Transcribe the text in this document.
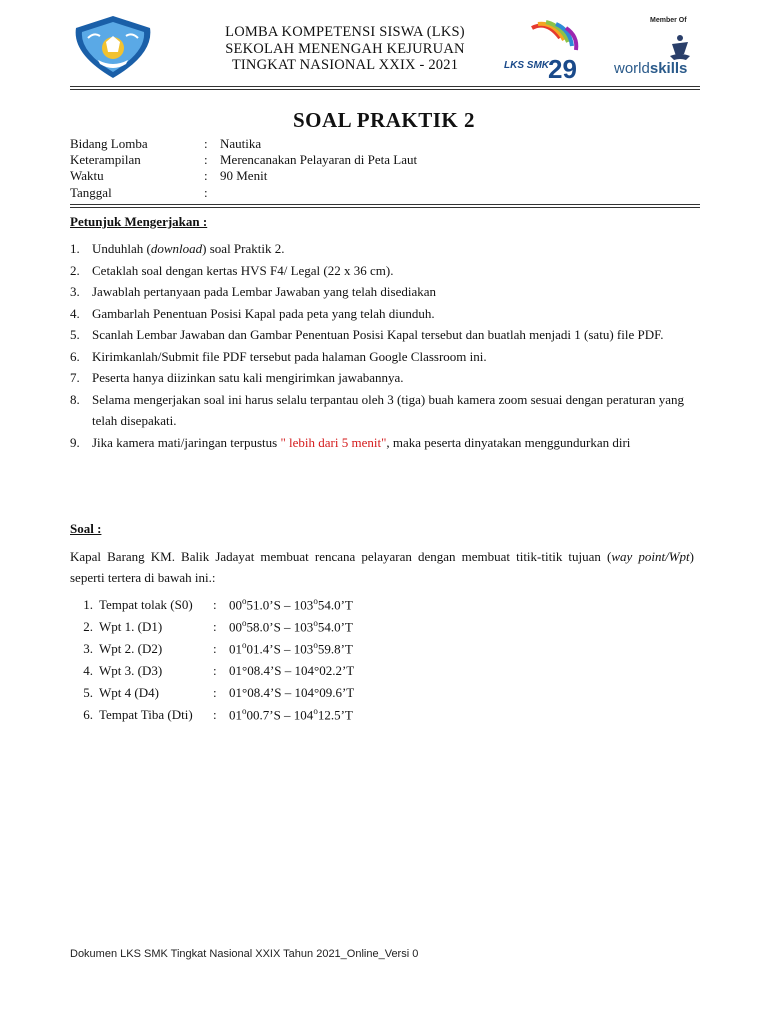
LOMBA KOMPETENSI SISWA (LKS)
SEKOLAH MENENGAH KEJURUAN
TINGKAT NASIONAL XXIX - 2021	LKS SMK 29
Member Of
worldskills
SOAL PRAKTIK 2
Bidang Lomba	: Nautika
Keterampilan	: Merencanakan Pelayaran di Peta Laut
Waktu	: 90 Menit
Tanggal	:
Petunjuk Mengerjakan :
1. Unduhlah (download) soal Praktik 2.
2. Cetaklah soal dengan kertas HVS F4/ Legal (22 x 36 cm).
3. Jawablah pertanyaan pada Lembar Jawaban yang telah disediakan
4. Gambarlah Penentuan Posisi Kapal pada peta yang telah diunduh.
5. Scanlah Lembar Jawaban dan Gambar Penentuan Posisi Kapal tersebut dan buatlah menjadi 1 (satu) file PDF.
6. Kirimkanlah/Submit file PDF tersebut pada halaman Google Classroom ini.
7. Peserta hanya diizinkan satu kali mengirimkan jawabannya.
8. Selama mengerjakan soal ini harus selalu terpantau oleh 3 (tiga) buah kamera zoom sesuai dengan peraturan yang telah disepakati.
9. Jika kamera mati/jaringan terpustus " lebih dari 5 menit", maka peserta dinyatakan menggundurkan diri
Soal :
Kapal Barang KM. Balik Jadayat membuat rencana pelayaran dengan membuat titik-titik tujuan (way point/Wpt) seperti tertera di bawah ini.:
1. Tempat tolak (S0)	: 00$^o$51.0’S – 103$^o$54.0’T
2. Wpt 1. (D1)	: 00$^o$58.0’S – 103$^o$54.0’T
3. Wpt 2. (D2)	: 01$^o$01.4’S – 103$^o$59.8’T
4. Wpt 3. (D3)	: 01°08.4’S – 104°02.2’T
5. Wpt 4 (D4)	: 01°08.4’S – 104°09.6’T
6. Tempat Tiba (Dti)	: 01$^o$00.7’S – 104$^o$12.5’T
Dokumen LKS SMK Tingkat Nasional XXIX Tahun 2021_Online_Versi 0
